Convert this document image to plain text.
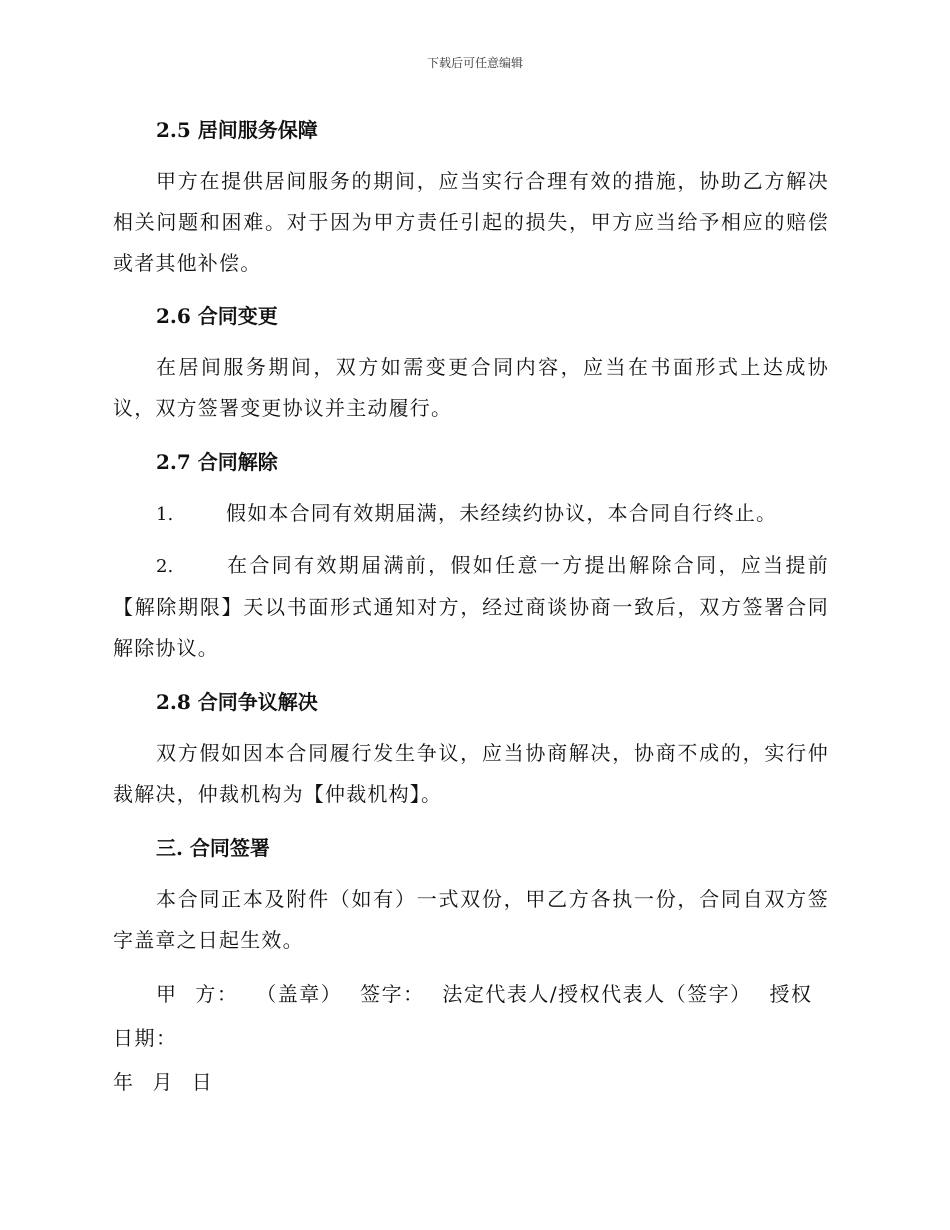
下载后可任意编辑
2.5 居间服务保障
甲方在提供居间服务的期间，应当实行合理有效的措施，协助乙方解决相关问题和困难。对于因为甲方责任引起的损失，甲方应当给予相应的赔偿或者其他补偿。
2.6 合同变更
在居间服务期间，双方如需变更合同内容，应当在书面形式上达成协议，双方签署变更协议并主动履行。
2.7 合同解除
1.	假如本合同有效期届满，未经续约协议，本合同自行终止。
2.	在合同有效期届满前，假如任意一方提出解除合同，应当提前【解除期限】天以书面形式通知对方，经过商谈协商一致后，双方签署合同解除协议。
2.8 合同争议解决
双方假如因本合同履行发生争议，应当协商解决，协商不成的，实行仲裁解决，仲裁机构为【仲裁机构】。
三. 合同签署
本合同正本及附件（如有）一式双份，甲乙方各执一份，合同自双方签字盖章之日起生效。
甲 方： （盖章） 签字： 法定代表人/授权代表人（签字） 授权日期：
年 月 日
